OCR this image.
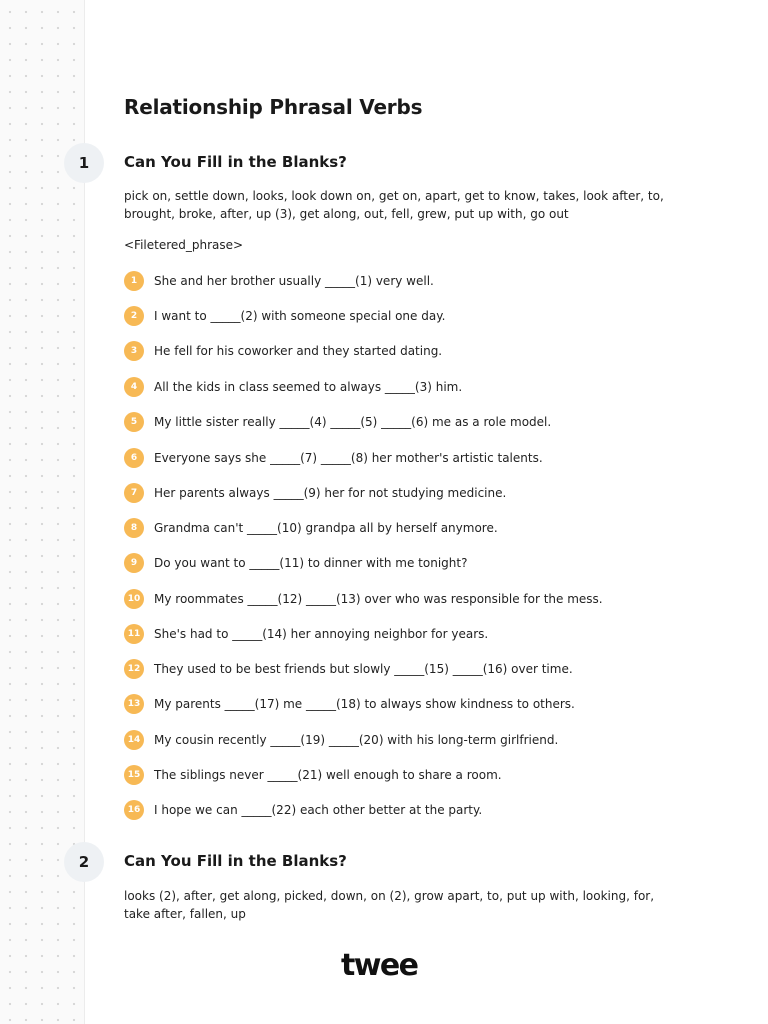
Relationship Phrasal Verbs
1	Can You Fill in the Blanks?

pick on, settle down, looks, look down on, get on, apart, get to know, takes, look after, to, brought, broke, after, up (3), get along, out, fell, grew, put up with, go out

<Filetered_phrase>
1	She and her brother usually _____(1) very well.
2	I want to _____(2) with someone special one day.
3	He fell for his coworker and they started dating.
4	All the kids in class seemed to always _____(3) him.
5	My little sister really _____(4) _____(5) _____(6) me as a role model.
6	Everyone says she _____(7) _____(8) her mother's artistic talents.
7	Her parents always _____(9) her for not studying medicine.
8	Grandma can't _____(10) grandpa all by herself anymore.
9	Do you want to _____(11) to dinner with me tonight?
10	My roommates _____(12) _____(13) over who was responsible for the mess.
11	She's had to _____(14) her annoying neighbor for years.
12	They used to be best friends but slowly _____(15) _____(16) over time.
13	My parents _____(17) me _____(18) to always show kindness to others.
14	My cousin recently _____(19) _____(20) with his long-term girlfriend.
15	The siblings never _____(21) well enough to share a room.
16	I hope we can _____(22) each other better at the party.
2	Can You Fill in the Blanks?

looks (2), after, get along, picked, down, on (2), grow apart, to, put up with, looking, for, take after, fallen, up

twee
